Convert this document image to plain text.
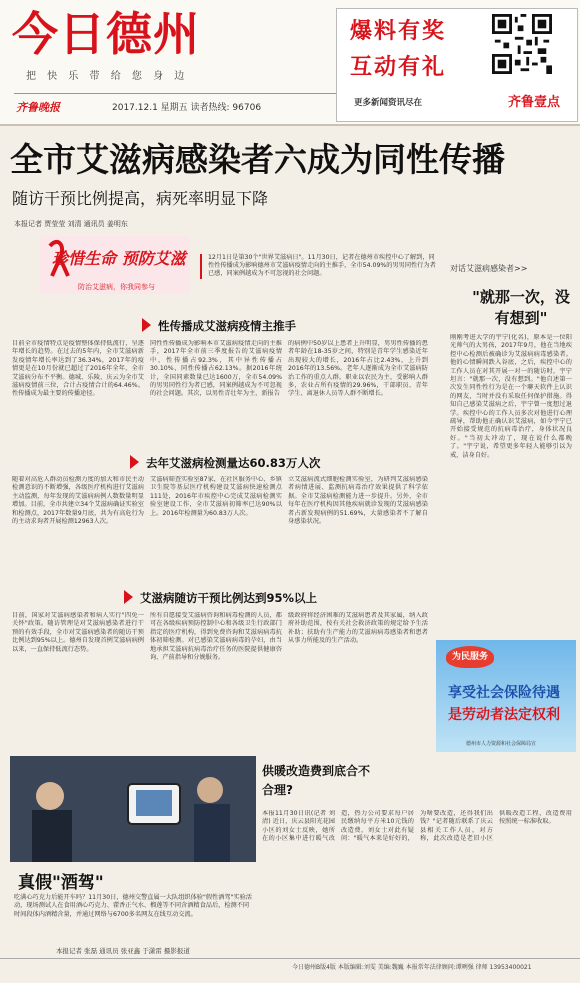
今日德州
把 快 乐 带 给 您 身 边
齐鲁晚报	2017.12.1 星期五 读者热线: 96706
爆料有奖
互动有礼
更多新闻资讯尽在	齐鲁壹点
全市艾滋病感染者六成为同性传播
随访干预比例提高，病死率明显下降
本报记者 贾莹莹 刘清 通讯员 姜明东
珍惜生命 预防艾滋
防治艾滋病，你我同参与
12月1日是第30个"世界艾滋病日"。11月30日，记者在德州市疾控中心了解到，同性性传播成为影响德州市艾滋病疫情走向的主推手，全市54.09%的男男同性行为者已感，同案例越成为不可忽视的社会问题。
性传播成艾滋病疫情主推手
目前全市疫情特点是疫情整体保持低流行，呈逐年增长的趋势。在过去的5年内，全市艾滋病新发疫情年增长率达到了36.34%，2017年的疫情更是在10月份就已超过了2016年全年，全市艾滋病分布不平衡。德城、乐陵、庆云为全市艾滋病疫情前三位，合计占疫情合计的64.46%。性传播成为最主要的传播途径。
同性性传播成为影响本市艾滋病疫情走向的主推手，2017年全市前三季度报告的艾滋病疫情中，性传播占92.3%，其中异性传播占30.10%，同性传播占62.13%。据2016年统计，全国同素数量已达1600万，全市54.09%的男男同性行为者已感，同案例越成为不可忽视的社会问题。其次，以男性青壮年为主，新报告
的病例中50岁以上患者上升明显，男男性传播的患者年龄在18-35岁之间，特别是青年学生感染近年出现较大的增长，2016年占比2.43%，上升到2016年的13.56%。老年人逐渐成为全市艾滋病防治工作的重点人群。职业以农民为主，受影响人群多，农业占所有疫情的29.96%，干部职员、青年学生、离退休人员等人群不断增长。
去年艾滋病检测量达60.83万人次
随着对高危人群动员检测力度的加大和市民主动检测意识的不断增强，各级医疗机构进行艾滋病主动监测，每年发现的艾滋病病例人数数量明显增加。目前，全市共建立34个艾滋病确证实验室和检测点，2017年数量9月底，共为有高危行为的主动求询者开展检测12963人次。
艾滋病筛查实验室87家，在社区服务中心、乡镇卫生院等基层医疗机构建设艾滋病快速检测点111处，2016年市疾控中心完成艾滋病检测实验室建设工作，全市艾滋病初筛率已达90%以上。2016年检测量为60.83万人次。
立艾滋病流式细胞检测实验室，为研判艾滋病感染者病情进展、监测抗病毒治疗效果提供了科学依据。全市艾滋病检测能力进一步提升。另外，全市每年在医疗机构因其他疾病就诊发现的艾滋病感染者占新发现病例的51.69%，大量感染者不了解自身感染状况。
艾滋病随访干预比例达到95%以上
目前，国家对艾滋病感染者和病人实行"四免一关怀"政策。随访管理是对艾滋病感染者进行干预的有效手段，全市对艾滋病感染者的随访干预比例达到95%以上。德州自发现首例艾滋病病例以来，一直保持低流行态势。
所有自愿接受艾滋病咨询和病毒检测的人员，都可在各级疾病预防控制中心和各级卫生行政部门指定的医疗机构，得到免费咨询和艾滋病病毒抗体初筛检测。对已感染艾滋病病毒的孕妇，由当地承担艾滋病抗病毒治疗任务的医院提供健康咨询、产前指导和分娩服务。
级政府将经济困难的艾滋病患者及其家属，纳入政府补助范围，按有关社会救济政策的规定给予生活补助；扶助有生产能力的艾滋病病毒感染者和患者从事力所能及的生产活动。
对话艾滋病感染者>>
"就那一次，没有想到"
刚刚考进大学的宇宁(化名)，原本是一位阳光帅气的大男孩，2017年9月，他在当地疾控中心检测后被确诊为艾滋病病毒感染者。他的心情瞬间跌入谷底，之后，疾控中心的工作人员在对其开展一对一的随访时，宇宁坦言："就那一次，没有想到。"他自述第一次发生同性性行为是在一个聊天软件上认识的网友，当时并没有采取任何保护措施。得知自己感染艾滋病之后，宇宁曾一度想过退学。疾控中心的工作人员多次对他进行心理疏导，帮助他正确认识艾滋病，如今宇宁已开始接受规范的抗病毒治疗，身体状况良好。"当初太冲动了，现在说什么都晚了。"宇宁说，希望更多年轻人能够引以为戒，洁身自好。
为民服务
享受社会保险待遇
是劳动者法定权利
德州市人力资源和社会保障局宣
真假"酒驾"
吃满心巧克力后能开车吗？11月30日，德州交警直属一大队组织体验"假性酒驾"实验活动，现场测试人在食用酒心巧克力、藿香正气水、榴莲等不同含酒精食品后，检测不同时间段体内酒精含量，并通过网络与6700多名网友在线互动交流。
本报记者 张磊 通讯员 张亚鑫 于潇雷 摄影报道
供暖改造费到底合不合理?
本报11月30日讯(记者 刘清) 近日，庆云县阳光花园小区的刘女士反映，她所在的小区集中进行暖气改造，热力公司要求每户居民缴纳每平方米10元钱的改造费，刘女士对此有疑问："暖气本来是好好的，为啥要改造，还得我们出钱？"记者随后联系了庆云县相关工作人员，对方称，此次改造是老旧小区供暖改造工程，改造费用按照统一标准收取。
今日德州B版4版 本版编辑:刘雯 美编:魏巍 本报常年法律顾问:谭咧强 律师 13953400021
